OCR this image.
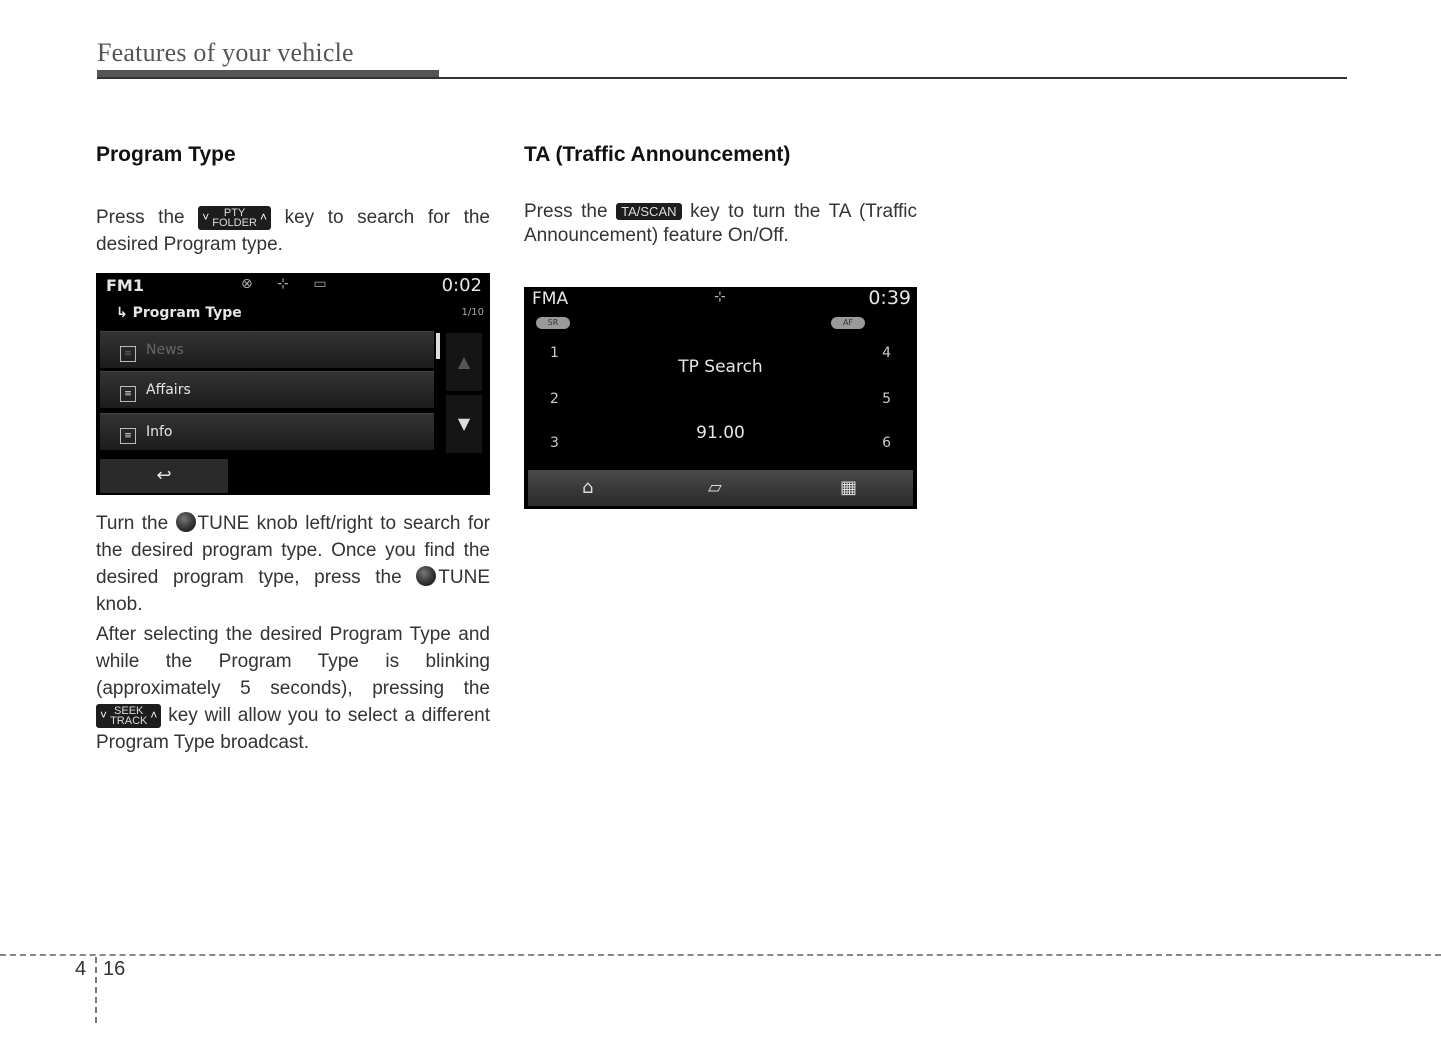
Features of your vehicle
Program Type

Press the ˅ PTY
FOLDER ˄ key to search for the desired Program type.

FM1	⊗ ⊹ ▭	0:02
↳ Program Type	1/10
≡ News
≡ Affairs
≡ Info
▲
▼
↩

Turn the TUNE knob left/right to search for the desired program type. Once you find the desired program type, press the TUNE knob.

After selecting the desired Program Type and while the Program Type is blinking (approximately 5 seconds), pressing the ˅ SEEK
TRACK ˄ key will allow you to select a different Program Type broadcast.

TA (Traffic Announcement)

Press the TA/SCAN key to turn the TA (Traffic Announcement) feature On/Off.

FMA	⊹	0:39
SR	AF
1
2
3
4
5
6
TP Search
91.00
⌂	▱	▦
4 16
